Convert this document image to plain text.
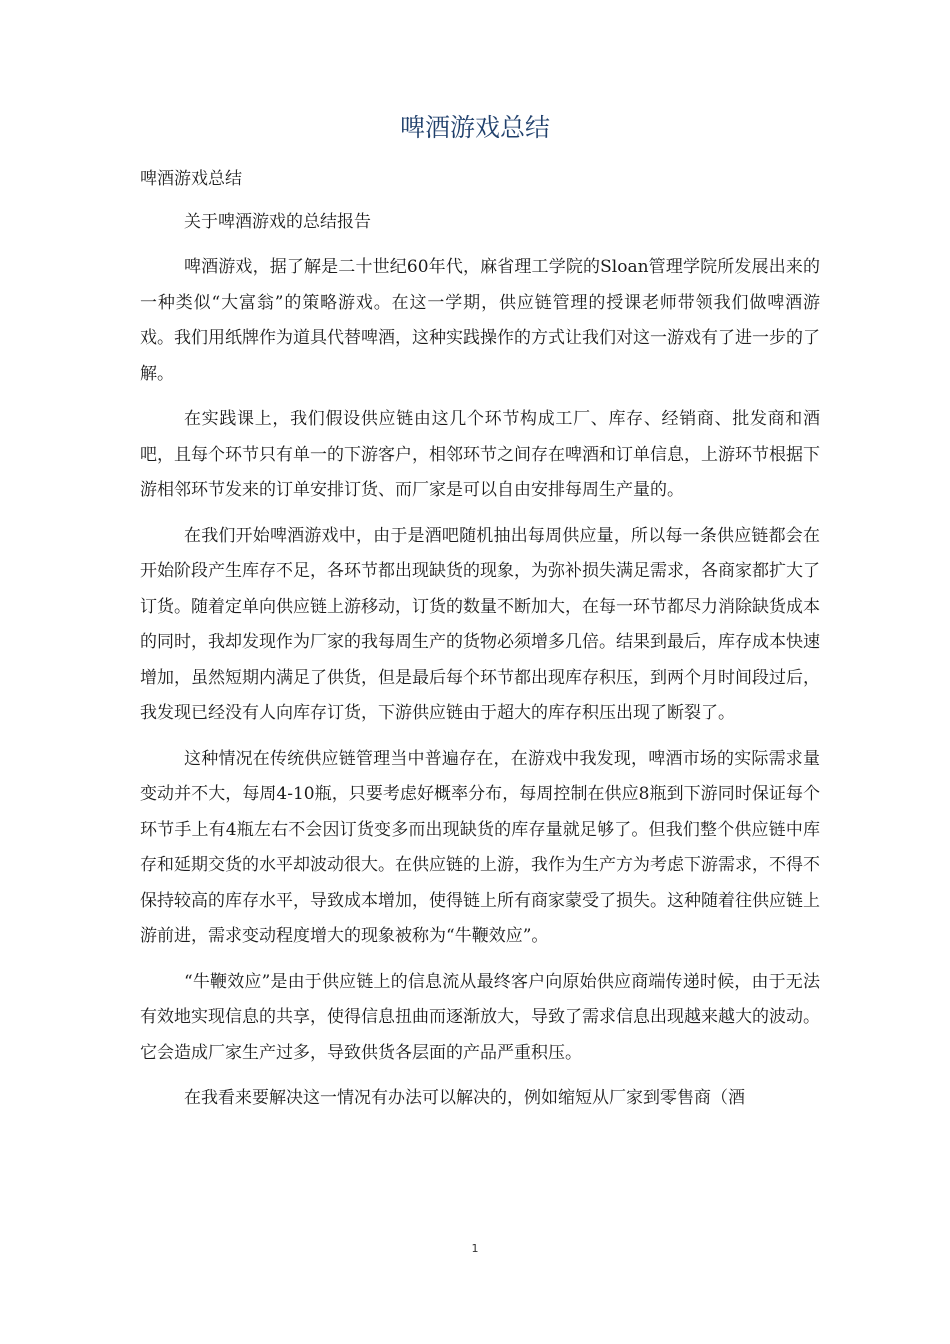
啤酒游戏总结

啤酒游戏总结

关于啤酒游戏的总结报告

啤酒游戏，据了解是二十世纪60年代，麻省理工学院的Sloan管理学院所发展出来的一种类似“大富翁”的策略游戏。在这一学期，供应链管理的授课老师带领我们做啤酒游戏。我们用纸牌作为道具代替啤酒，这种实践操作的方式让我们对这一游戏有了进一步的了解。

在实践课上，我们假设供应链由这几个环节构成工厂、库存、经销商、批发商和酒吧，且每个环节只有单一的下游客户，相邻环节之间存在啤酒和订单信息，上游环节根据下游相邻环节发来的订单安排订货、而厂家是可以自由安排每周生产量的。

在我们开始啤酒游戏中，由于是酒吧随机抽出每周供应量，所以每一条供应链都会在开始阶段产生库存不足，各环节都出现缺货的现象，为弥补损失满足需求，各商家都扩大了订货。随着定单向供应链上游移动，订货的数量不断加大，在每一环节都尽力消除缺货成本的同时，我却发现作为厂家的我每周生产的货物必须增多几倍。结果到最后，库存成本快速增加，虽然短期内满足了供货，但是最后每个环节都出现库存积压，到两个月时间段过后，我发现已经没有人向库存订货，下游供应链由于超大的库存积压出现了断裂了。

这种情况在传统供应链管理当中普遍存在，在游戏中我发现，啤酒市场的实际需求量变动并不大，每周4-10瓶，只要考虑好概率分布，每周控制在供应8瓶到下游同时保证每个环节手上有4瓶左右不会因订货变多而出现缺货的库存量就足够了。但我们整个供应链中库存和延期交货的水平却波动很大。在供应链的上游，我作为生产方为考虑下游需求，不得不保持较高的库存水平，导致成本增加，使得链上所有商家蒙受了损失。这种随着往供应链上游前进，需求变动程度增大的现象被称为“牛鞭效应”。

“牛鞭效应”是由于供应链上的信息流从最终客户向原始供应商端传递时候，由于无法有效地实现信息的共享，使得信息扭曲而逐渐放大，导致了需求信息出现越来越大的波动。它会造成厂家生产过多，导致供货各层面的产品严重积压。

在我看来要解决这一情况有办法可以解决的，例如缩短从厂家到零售商（酒

1
